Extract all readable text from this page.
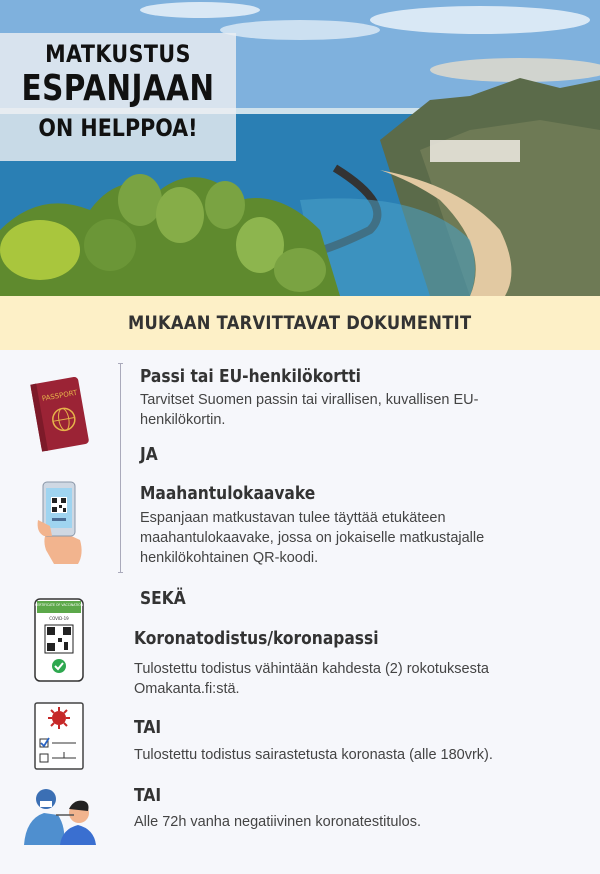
MATKUSTUS
ESPANJAAN
ON HELPPOA!
MUKAAN TARVITTAVAT DOKUMENTIT
PASSPORT
Passi tai EU-henkilökortti
Tarvitset Suomen passin tai virallisen, kuvallisen EU-henkilökortin.
JA
Maahantulokaavake
Espanjaan matkustavan tulee täyttää etukäteen maahantulokaavake, jossa on jokaiselle matkustajalle henkilökohtainen QR-koodi.
SEKÄ
CERTIFICATE OF VACCINATION
COVID-19
Koronatodistus/koronapassi
Tulostettu todistus vähintään kahdesta (2) rokotuksesta Omakanta.fi:stä.
TAI
Tulostettu todistus sairastetusta koronasta (alle 180vrk).
TAI
Alle 72h vanha negatiivinen koronatestitulos.
